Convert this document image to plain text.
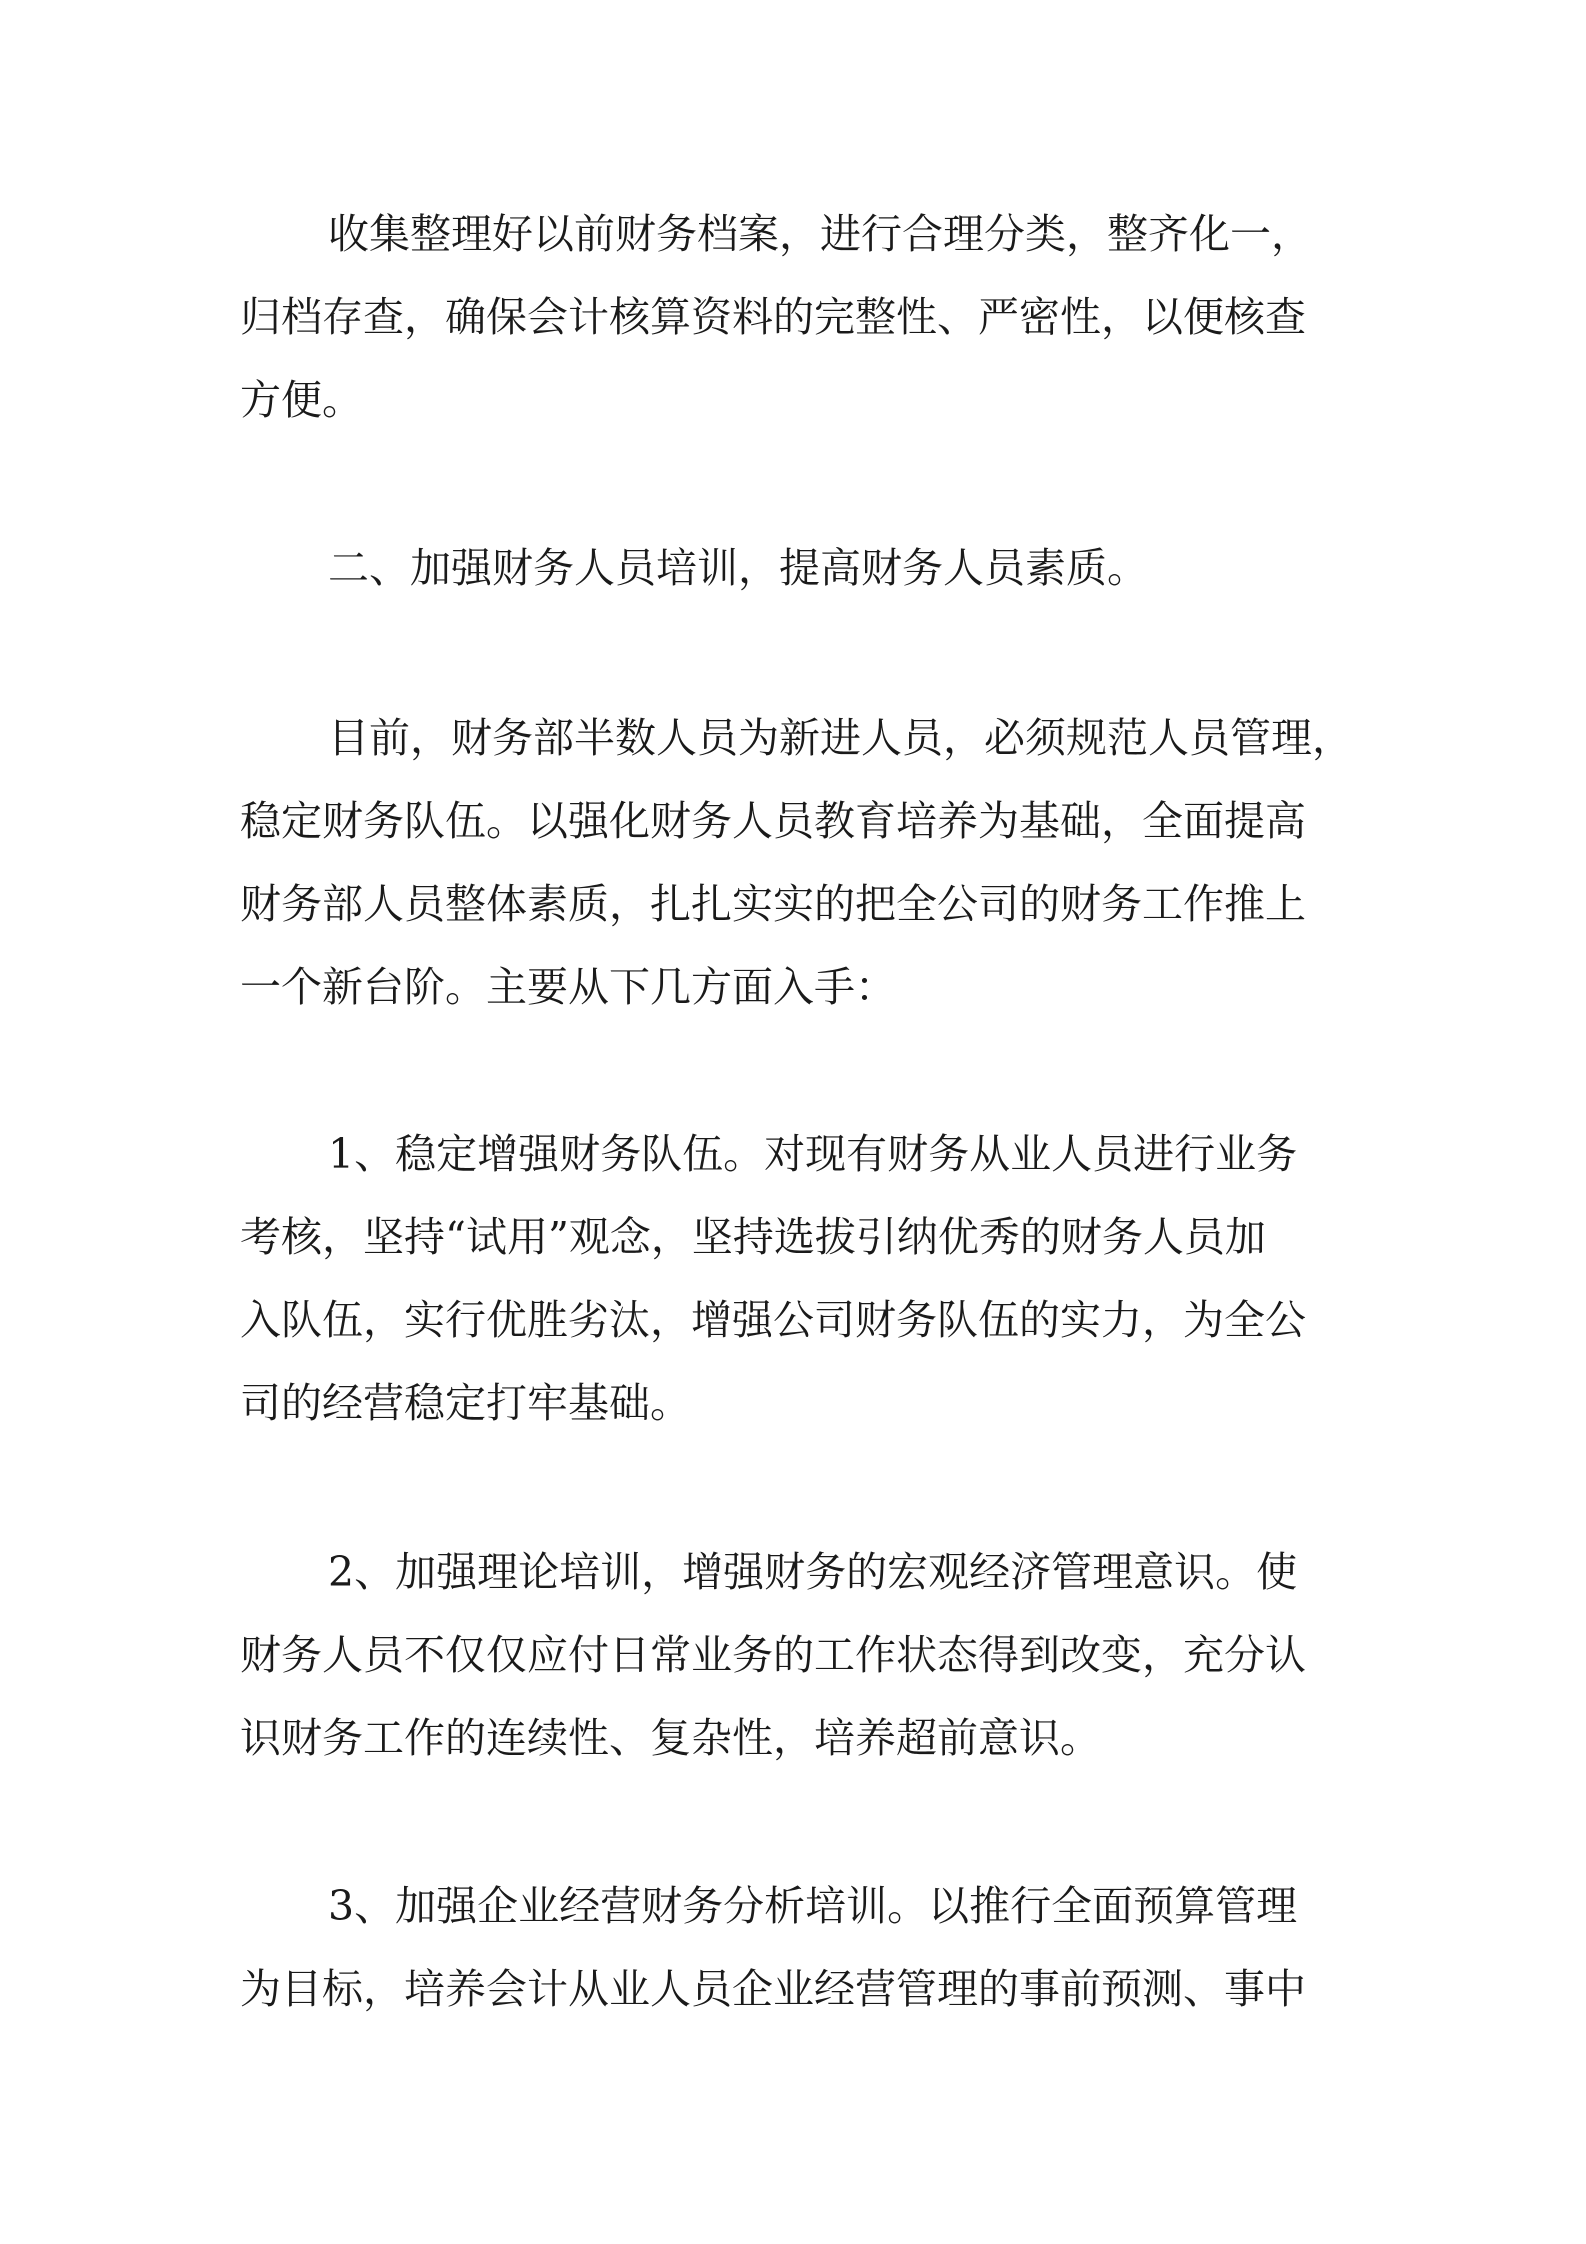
收集整理好以前财务档案，进行合理分类，整齐化一，
归档存查，确保会计核算资料的完整性、严密性，以便核查
方便。
二、加强财务人员培训，提高财务人员素质。
目前，财务部半数人员为新进人员，必须规范人员管理，
稳定财务队伍。以强化财务人员教育培养为基础，全面提高
财务部人员整体素质，扎扎实实的把全公司的财务工作推上
一个新台阶。主要从下几方面入手：
1、稳定增强财务队伍。对现有财务从业人员进行业务
考核，坚持“试用”观念，坚持选拔引纳优秀的财务人员加
入队伍，实行优胜劣汰，增强公司财务队伍的实力，为全公
司的经营稳定打牢基础。
2、加强理论培训，增强财务的宏观经济管理意识。使
财务人员不仅仅应付日常业务的工作状态得到改变，充分认
识财务工作的连续性、复杂性，培养超前意识。
3、加强企业经营财务分析培训。以推行全面预算管理
为目标，培养会计从业人员企业经营管理的事前预测、事中
